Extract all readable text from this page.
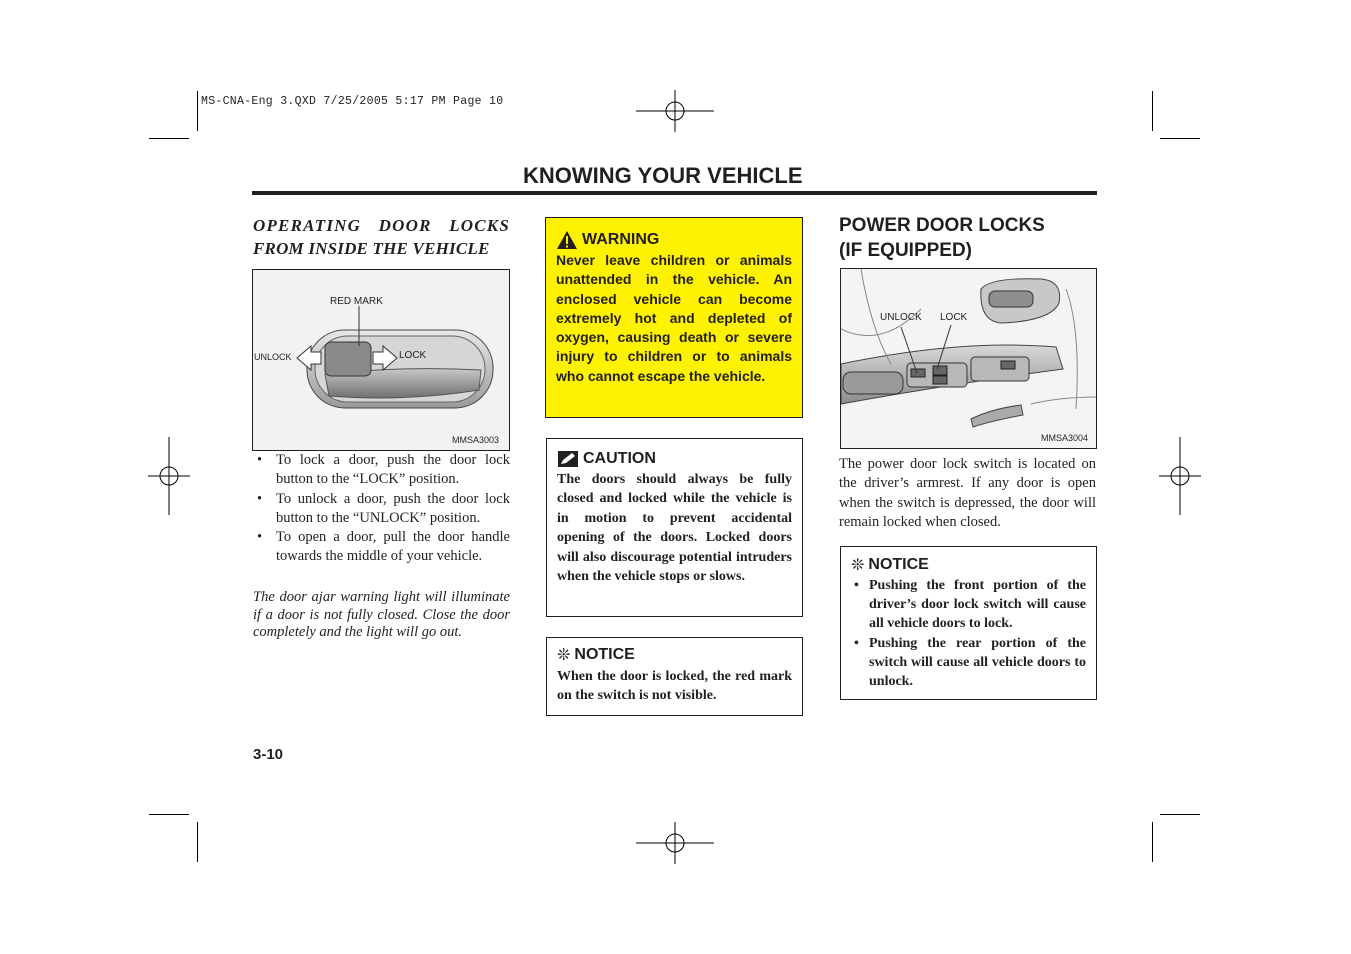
MS-CNA-Eng 3.QXD 7/25/2005 5:17 PM Page 10
KNOWING YOUR VEHICLE
OPERATING DOOR LOCKS
FROM INSIDE THE VEHICLE
RED MARK
UNLOCK	LOCK
MMSA3003
• To lock a door, push the door lock button to the “LOCK” position.
• To unlock a door, push the door lock button to the “UNLOCK” position.
• To open a door, pull the door handle towards the middle of your vehicle.
The door ajar warning light will illuminate if a door is not fully closed. Close the door completely and the light will go out.
WARNING
Never leave children or animals unattended in the vehicle. An enclosed vehicle can become extremely hot and depleted of oxygen, causing death or severe injury to children or to animals who cannot escape the vehicle.
CAUTION
The doors should always be fully closed and locked while the vehicle is in motion to prevent accidental opening of the doors. Locked doors will also discourage potential intruders when the vehicle stops or slows.
❊ NOTICE
When the door is locked, the red mark on the switch is not visible.
POWER DOOR LOCKS
(IF EQUIPPED)
UNLOCK LOCK
MMSA3004
The power door lock switch is located on the driver’s armrest. If any door is open when the switch is depressed, the door will remain locked when closed.
❊ NOTICE
• Pushing the front portion of the driver’s door lock switch will cause all vehicle doors to lock.
• Pushing the rear portion of the switch will cause all vehicle doors to unlock.
3-10
